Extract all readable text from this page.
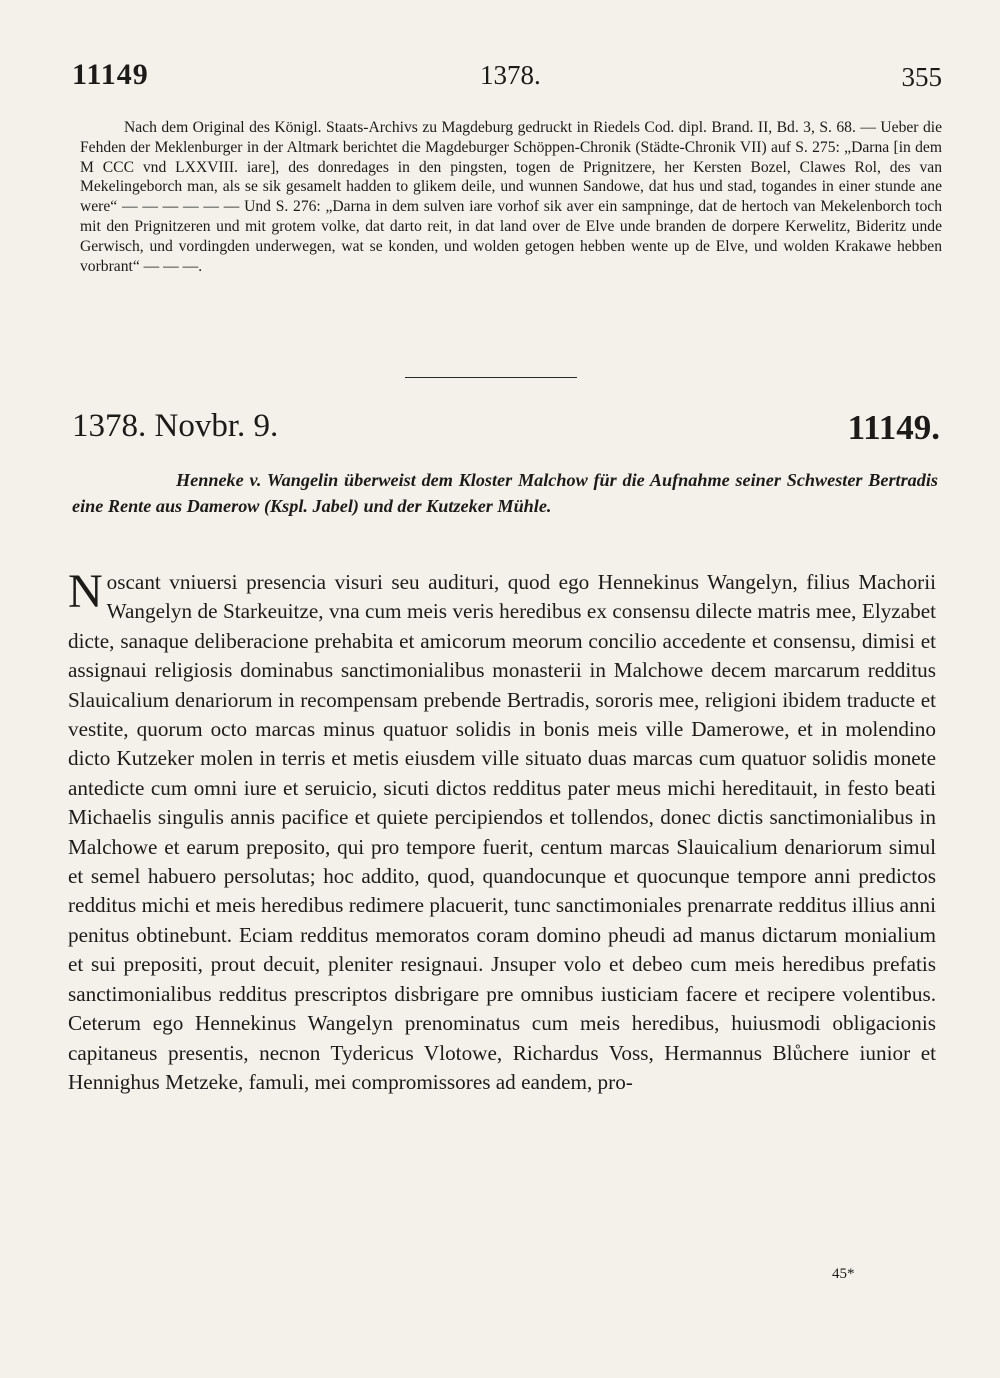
11149	1378.	355

Nach dem Original des Königl. Staats-Archivs zu Magdeburg gedruckt in Riedels Cod. dipl. Brand. II, Bd. 3, S. 68. — Ueber die Fehden der Meklenburger in der Altmark berichtet die Magdeburger Schöppen-Chronik (Städte-Chronik VII) auf S. 275: „Darna [in dem M CCC vnd LXXVIII. iare], des donredages in den pingsten, togen de Prignitzere, her Kersten Bozel, Clawes Rol, des van Mekelingeborch man, als se sik gesamelt hadden to glikem deile, und wunnen Sandowe, dat hus und stad, togandes in einer stunde ane were“ — — — — — — Und S. 276: „Darna in dem sulven iare vorhof sik aver ein sampninge, dat de hertoch van Mekelenborch toch mit den Prignitzeren und mit grotem volke, dat darto reit, in dat land over de Elve unde branden de dorpere Kerwelitz, Bideritz unde Gerwisch, und vordingden underwegen, wat se konden, und wolden getogen hebben wente up de Elve, und wolden Krakawe hebben vorbrant“ — — —.

1378. Novbr. 9.	11149.

Henneke v. Wangelin überweist dem Kloster Malchow für die Aufnahme seiner Schwester Bertradis eine Rente aus Damerow (Kspl. Jabel) und der Kutzeker Mühle.

Noscant vniuersi presencia visuri seu audituri, quod ego Hennekinus Wangelyn, filius Machorii Wangelyn de Starkeuitze, vna cum meis veris heredibus ex consensu dilecte matris mee, Elyzabet dicte, sanaque deliberacione prehabita et amicorum meorum concilio accedente et consensu, dimisi et assignaui religiosis dominabus sanctimonialibus monasterii in Malchowe decem marcarum redditus Slauicalium denariorum in recompensam prebende Bertradis, sororis mee, religioni ibidem traducte et vestite, quorum octo marcas minus quatuor solidis in bonis meis ville Damerowe, et in molendino dicto Kutzeker molen in terris et metis eiusdem ville situato duas marcas cum quatuor solidis monete antedicte cum omni iure et seruicio, sicuti dictos redditus pater meus michi hereditauit, in festo beati Michaelis singulis annis pacifice et quiete percipiendos et tollendos, donec dictis sanctimonialibus in Malchowe et earum preposito, qui pro tempore fuerit, centum marcas Slauicalium denariorum simul et semel habuero persolutas; hoc addito, quod, quandocunque et quocunque tempore anni predictos redditus michi et meis heredibus redimere placuerit, tunc sanctimoniales prenarrate redditus illius anni penitus obtinebunt. Eciam redditus memoratos coram domino pheudi ad manus dictarum monialium et sui prepositi, prout decuit, pleniter resignaui. Jnsuper volo et debeo cum meis heredibus prefatis sanctimonialibus redditus prescriptos disbrigare pre omnibus iusticiam facere et recipere volentibus. Ceterum ego Hennekinus Wangelyn prenominatus cum meis heredibus, huiusmodi obligacionis capitaneus presentis, necnon Tydericus Vlotowe, Richardus Voss, Hermannus Blůchere iunior et Hennighus Metzeke, famuli, mei compromissores ad eandem, pro-

45*
